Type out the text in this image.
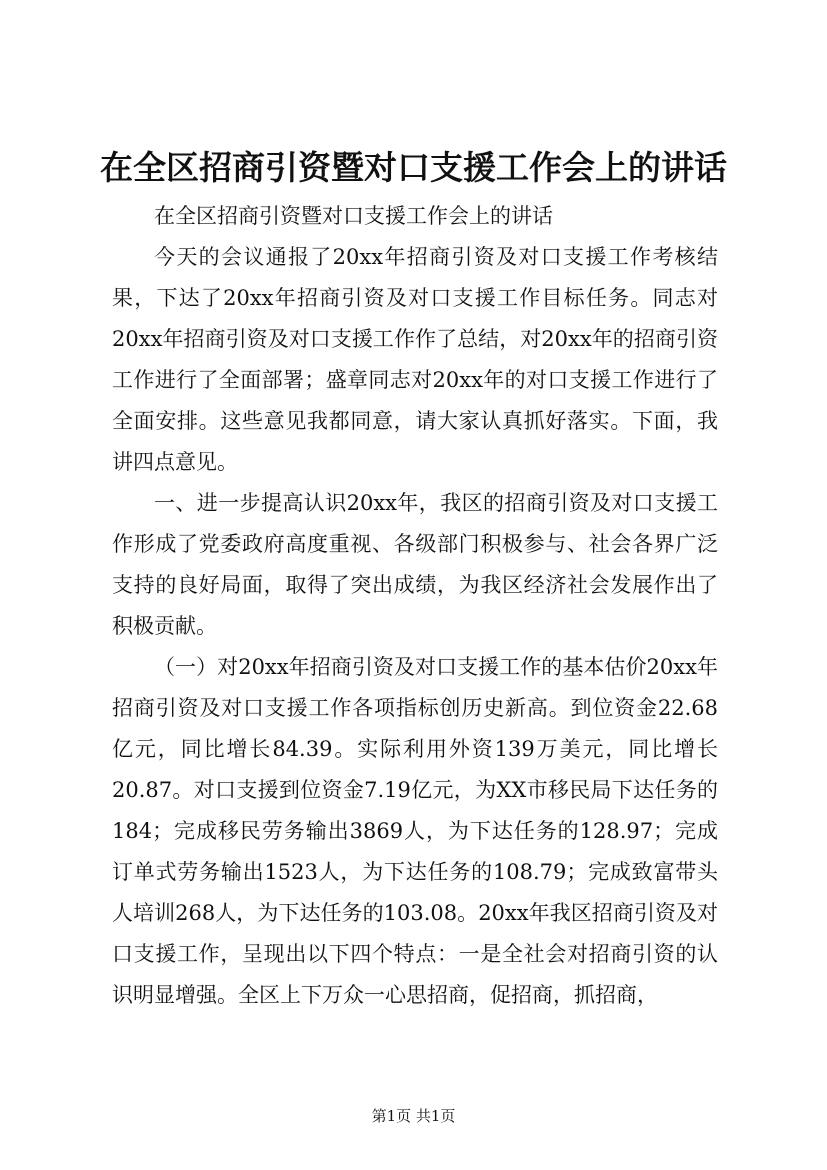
在全区招商引资暨对口支援工作会上的讲话

在全区招商引资暨对口支援工作会上的讲话

今天的会议通报了20xx年招商引资及对口支援工作考核结果，下达了20xx年招商引资及对口支援工作目标任务。同志对20xx年招商引资及对口支援工作作了总结，对20xx年的招商引资工作进行了全面部署；盛章同志对20xx年的对口支援工作进行了全面安排。这些意见我都同意，请大家认真抓好落实。下面，我讲四点意见。

一、进一步提高认识20xx年，我区的招商引资及对口支援工作形成了党委政府高度重视、各级部门积极参与、社会各界广泛支持的良好局面，取得了突出成绩，为我区经济社会发展作出了积极贡献。

（一）对20xx年招商引资及对口支援工作的基本估价20xx年招商引资及对口支援工作各项指标创历史新高。到位资金22.68亿元，同比增长84.39。实际利用外资139万美元，同比增长20.87。对口支援到位资金7.19亿元，为XX市移民局下达任务的184；完成移民劳务输出3869人，为下达任务的128.97；完成订单式劳务输出1523人，为下达任务的108.79；完成致富带头人培训268人，为下达任务的103.08。20xx年我区招商引资及对口支援工作，呈现出以下四个特点：一是全社会对招商引资的认识明显增强。全区上下万众一心思招商，促招商，抓招商，

第1页 共1页
